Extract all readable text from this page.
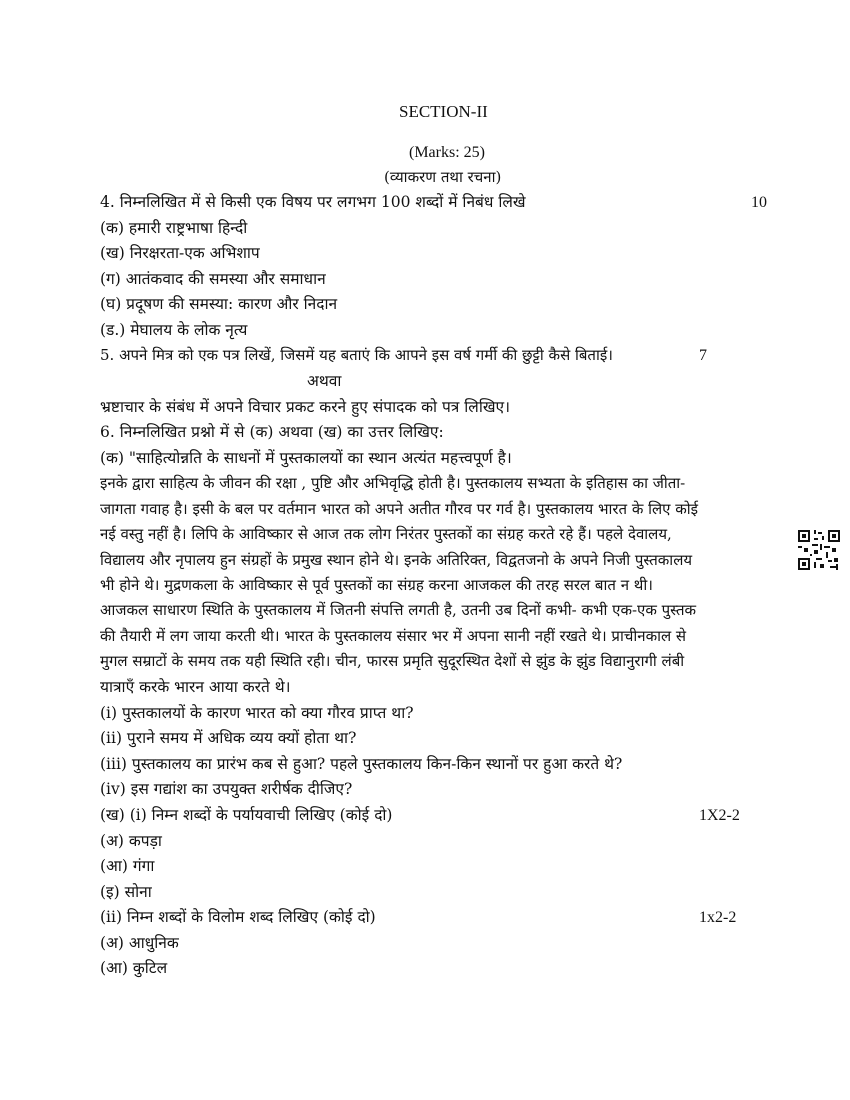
SECTION-II
(Marks: 25)
(व्याकरण तथा रचना)
4. निम्नलिखित में से किसी एक विषय पर लगभग 100 शब्दों में निबंध लिखे	10
(क) हमारी राष्ट्रभाषा हिन्दी
(ख) निरक्षरता-एक अभिशाप
(ग) आतंकवाद की समस्या और समाधान
(घ) प्रदूषण की समस्या: कारण और निदान
(ड.) मेघालय के लोक नृत्य
5. अपने मित्र को एक पत्र लिखें, जिसमें यह बताएं कि आपने इस वर्ष गर्मी की छुट्टी कैसे बिताई।	7
अथवा
भ्रष्टाचार के संबंध में अपने विचार प्रकट करने हुए संपादक को पत्र लिखिए।
6. निम्नलिखित प्रश्नो में से (क) अथवा (ख) का उत्तर लिखिए:
(क) "साहित्योन्नति के साधनों में पुस्तकालयों का स्थान अत्यंत महत्त्वपूर्ण है।
इनके द्वारा साहित्य के जीवन की रक्षा , पुष्टि और अभिवृद्धि होती है। पुस्तकालय सभ्यता के इतिहास का जीता-
जागता गवाह है। इसी के बल पर वर्तमान भारत को अपने अतीत गौरव पर गर्व है। पुस्तकालय भारत के लिए कोई
नई वस्तु नहीं है। लिपि के आविष्कार से आज तक लोग निरंतर पुस्तकों का संग्रह करते रहे हैं। पहले देवालय,
विद्यालय और नृपालय हुन संग्रहों के प्रमुख स्थान होने थे। इनके अतिरिक्त, विद्वतजनो के अपने निजी पुस्तकालय
भी होने थे। मुद्रणकला के आविष्कार से पूर्व पुस्तकों का संग्रह करना आजकल की तरह सरल बात न थी।
आजकल साधारण स्थिति के पुस्तकालय में जितनी संपत्ति लगती है, उतनी उब दिनों कभी- कभी एक-एक पुस्तक
की तैयारी में लग जाया करती थी। भारत के पुस्तकालय संसार भर में अपना सानी नहीं रखते थे। प्राचीनकाल से
मुगल सम्राटों के समय तक यही स्थिति रही। चीन, फारस प्रमृति सुदूरस्थित देशों से झुंड के झुंड विद्यानुरागी लंबी
यात्राएँ करके भारन आया करते थे।
(i) पुस्तकालयों के कारण भारत को क्या गौरव प्राप्त था?
(ii) पुराने समय में अधिक व्यय क्यों होता था?
(iii) पुस्तकालय का प्रारंभ कब से हुआ? पहले पुस्तकालय किन-किन स्थानों पर हुआ करते थे?
(iv) इस गद्यांश का उपयुक्त शरीर्षक दीजिए?
(ख) (i) निम्न शब्दों के पर्यायवाची लिखिए (कोई दो)	1X2-2
(अ) कपड़ा
(आ) गंगा
(इ) सोना
(ii) निम्न शब्दों के विलोम शब्द लिखिए (कोई दो)	1x2-2
(अ) आधुनिक
(आ) कुटिल
